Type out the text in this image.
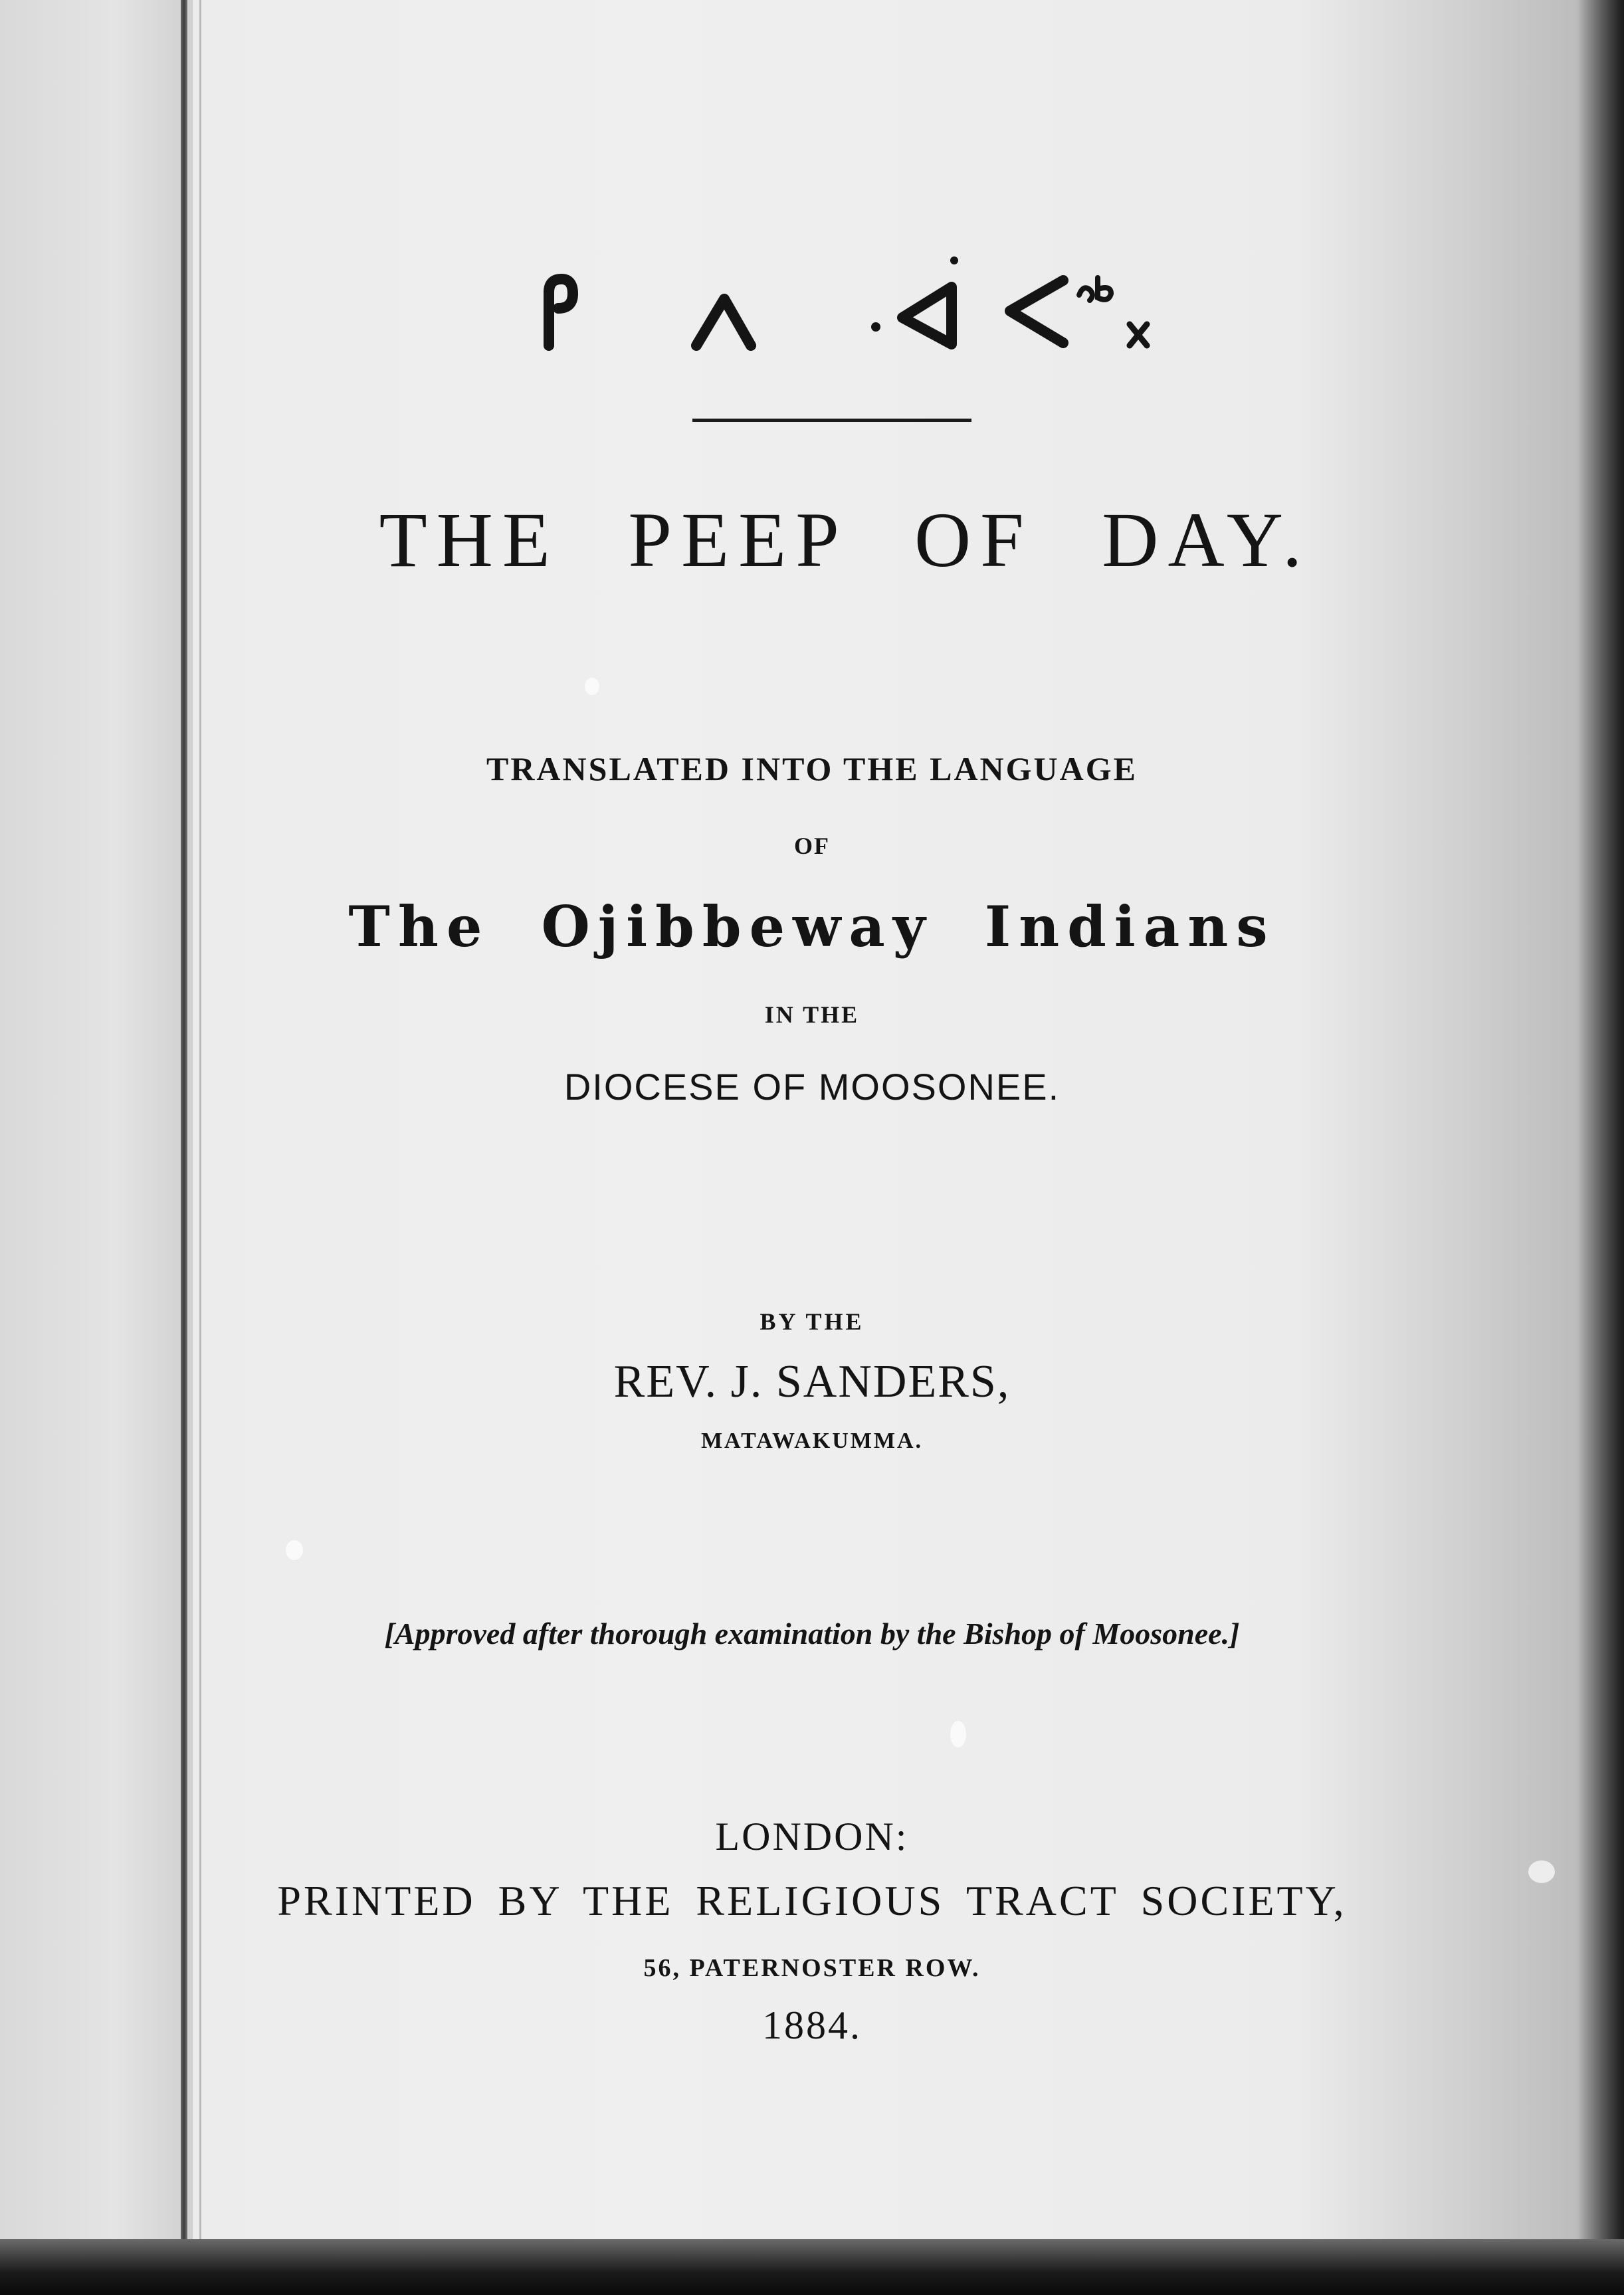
THE PEEP OF DAY.
TRANSLATED INTO THE LANGUAGE
OF
The Ojibbeway Indians
IN THE
DIOCESE OF MOOSONEE.
BY THE
REV. J. SANDERS,
MATAWAKUMMA.
[Approved after thorough examination by the Bishop of Moosonee.]
LONDON:
PRINTED BY THE RELIGIOUS TRACT SOCIETY,
56, PATERNOSTER ROW.
1884.
